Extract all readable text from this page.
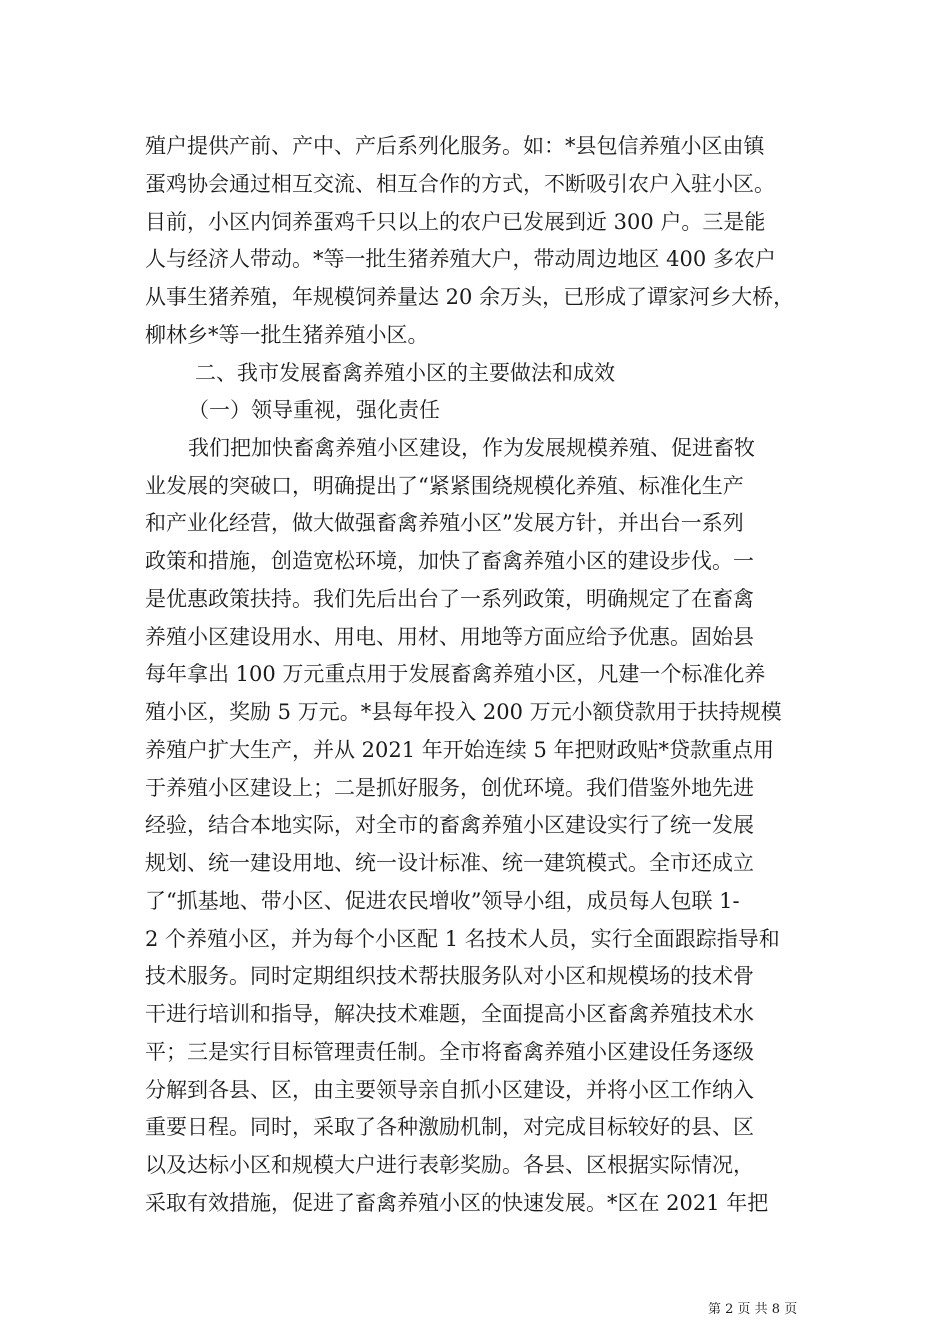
殖户提供产前、产中、产后系列化服务。如：*县包信养殖小区由镇
蛋鸡协会通过相互交流、相互合作的方式，不断吸引农户入驻小区。
目前，小区内饲养蛋鸡千只以上的农户已发展到近 300 户。三是能
人与经济人带动。*等一批生猪养殖大户，带动周边地区 400 多农户
从事生猪养殖，年规模饲养量达 20 余万头，已形成了谭家河乡大桥，
柳林乡*等一批生猪养殖小区。
二、我市发展畜禽养殖小区的主要做法和成效
（一）领导重视，强化责任
我们把加快畜禽养殖小区建设，作为发展规模养殖、促进畜牧
业发展的突破口，明确提出了“紧紧围绕规模化养殖、标准化生产
和产业化经营，做大做强畜禽养殖小区”发展方针，并出台一系列
政策和措施，创造宽松环境，加快了畜禽养殖小区的建设步伐。一
是优惠政策扶持。我们先后出台了一系列政策，明确规定了在畜禽
养殖小区建设用水、用电、用材、用地等方面应给予优惠。固始县
每年拿出 100 万元重点用于发展畜禽养殖小区，凡建一个标准化养
殖小区，奖励 5 万元。*县每年投入 200 万元小额贷款用于扶持规模
养殖户扩大生产，并从 2021 年开始连续 5 年把财政贴*贷款重点用
于养殖小区建设上；二是抓好服务，创优环境。我们借鉴外地先进
经验，结合本地实际，对全市的畜禽养殖小区建设实行了统一发展
规划、统一建设用地、统一设计标准、统一建筑模式。全市还成立
了“抓基地、带小区、促进农民增收”领导小组，成员每人包联 1-
2 个养殖小区，并为每个小区配 1 名技术人员，实行全面跟踪指导和
技术服务。同时定期组织技术帮扶服务队对小区和规模场的技术骨
干进行培训和指导，解决技术难题，全面提高小区畜禽养殖技术水
平；三是实行目标管理责任制。全市将畜禽养殖小区建设任务逐级
分解到各县、区，由主要领导亲自抓小区建设，并将小区工作纳入
重要日程。同时，采取了各种激励机制，对完成目标较好的县、区
以及达标小区和规模大户进行表彰奖励。各县、区根据实际情况，
采取有效措施，促进了畜禽养殖小区的快速发展。*区在 2021 年把
第 2 页 共 8 页
